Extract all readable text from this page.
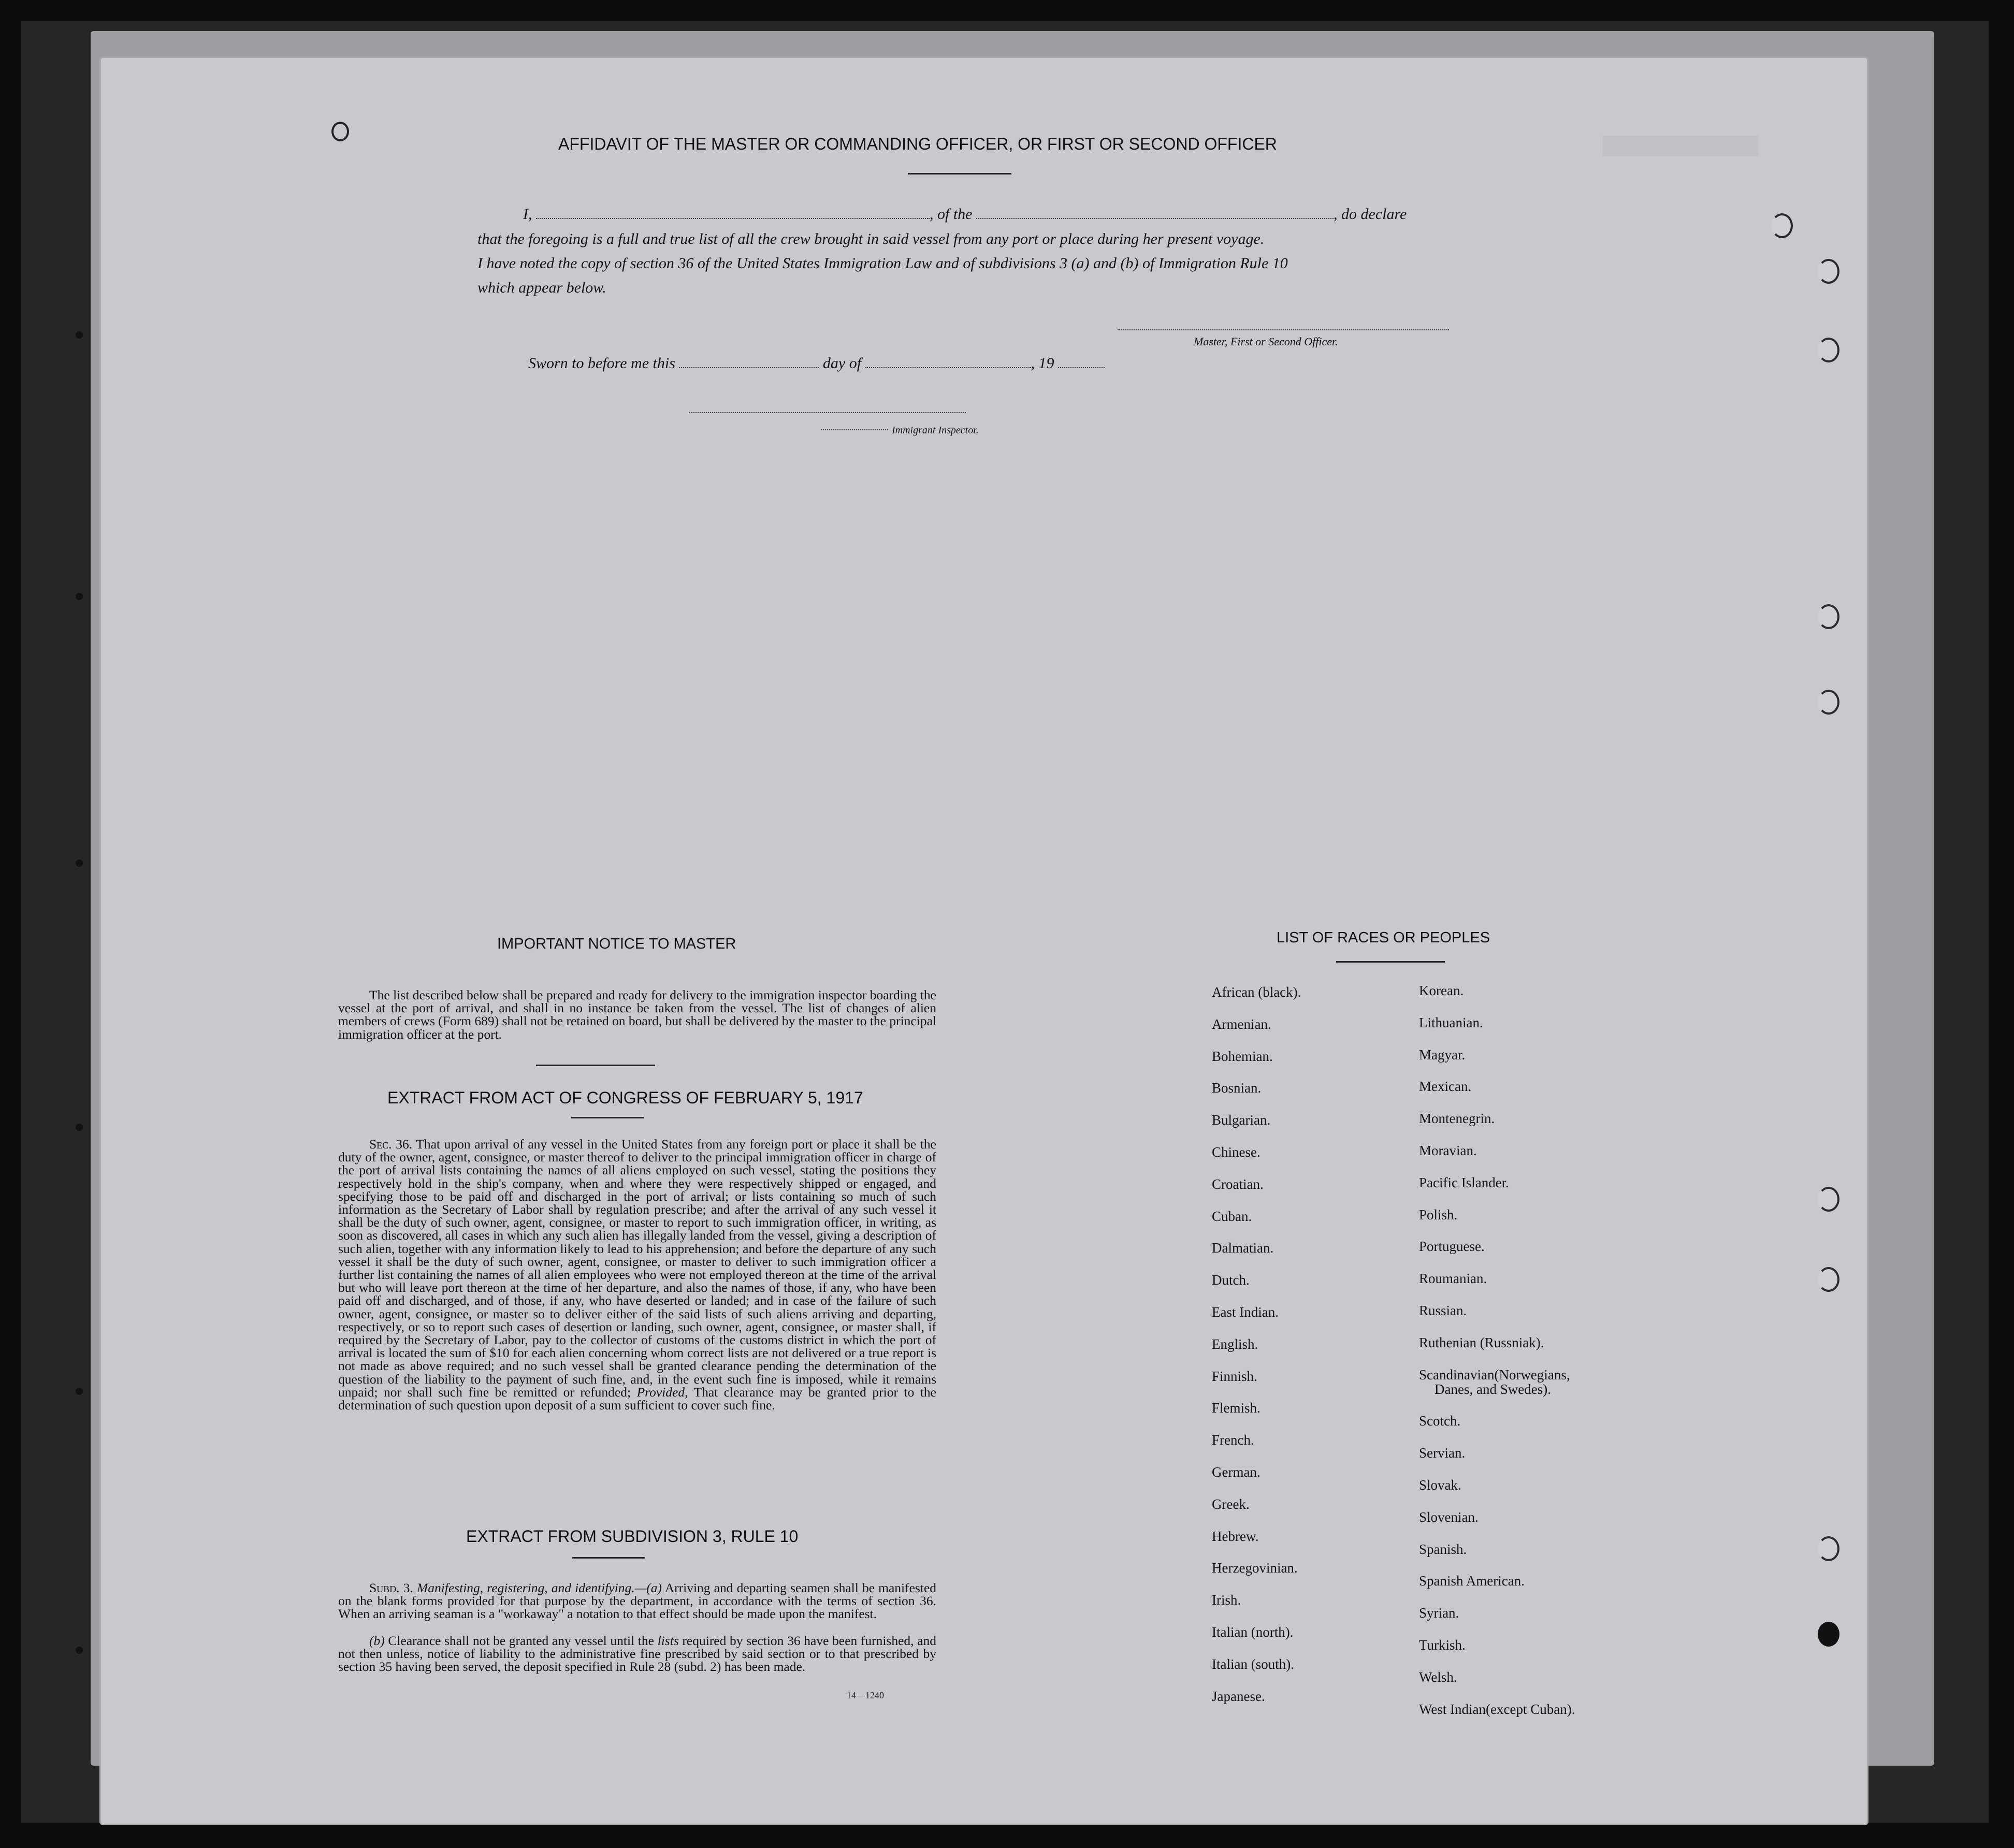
AFFIDAVIT OF THE MASTER OR COMMANDING OFFICER, OR FIRST OR SECOND OFFICER
I,	, of the	, do declare
that the foregoing is a full and true list of all the crew brought in said vessel from any port or place during her present voyage.
I have noted the copy of section 36 of the United States Immigration Law and of subdivisions 3 (a) and (b) of Immigration Rule 10
which appear below.
Master, First or Second Officer.
Sworn to before me this	day of	, 19
Immigrant Inspector.
IMPORTANT NOTICE TO MASTER
The list described below shall be prepared and ready for delivery to the immigration inspector boarding the vessel at the port of arrival, and shall in no instance be taken from the vessel. The list of changes of alien members of crews (Form 689) shall not be retained on board, but shall be delivered by the master to the principal immigration officer at the port.
EXTRACT FROM ACT OF CONGRESS OF FEBRUARY 5, 1917
Sec. 36. That upon arrival of any vessel in the United States from any foreign port or place it shall be the duty of the owner, agent, consignee, or master thereof to deliver to the principal immigration officer in charge of the port of arrival lists containing the names of all aliens employed on such vessel, stating the positions they respectively hold in the ship's company, when and where they were respectively shipped or engaged, and specifying those to be paid off and discharged in the port of arrival; or lists containing so much of such information as the Secretary of Labor shall by regulation prescribe; and after the arrival of any such vessel it shall be the duty of such owner, agent, consignee, or master to report to such immigration officer, in writing, as soon as discovered, all cases in which any such alien has illegally landed from the vessel, giving a description of such alien, together with any information likely to lead to his apprehension; and before the departure of any such vessel it shall be the duty of such owner, agent, consignee, or master to deliver to such immigration officer a further list containing the names of all alien employees who were not employed thereon at the time of the arrival but who will leave port thereon at the time of her departure, and also the names of those, if any, who have been paid off and discharged, and of those, if any, who have deserted or landed; and in case of the failure of such owner, agent, consignee, or master so to deliver either of the said lists of such aliens arriving and departing, respectively, or so to report such cases of desertion or landing, such owner, agent, consignee, or master shall, if required by the Secretary of Labor, pay to the collector of customs of the customs district in which the port of arrival is located the sum of $10 for each alien concerning whom correct lists are not delivered or a true report is not made as above required; and no such vessel shall be granted clearance pending the determination of the question of the liability to the payment of such fine, and, in the event such fine is imposed, while it remains unpaid; nor shall such fine be remitted or refunded; Provided, That clearance may be granted prior to the determination of such question upon deposit of a sum sufficient to cover such fine.
EXTRACT FROM SUBDIVISION 3, RULE 10
Subd. 3. Manifesting, registering, and identifying.—(a) Arriving and departing seamen shall be manifested on the blank forms provided for that purpose by the department, in accordance with the terms of section 36. When an arriving seaman is a "workaway" a notation to that effect should be made upon the manifest.
(b) Clearance shall not be granted any vessel until the lists required by section 36 have been furnished, and not then unless, notice of liability to the administrative fine prescribed by said section or to that prescribed by section 35 having been served, the deposit specified in Rule 28 (subd. 2) has been made.
14—1240
LIST OF RACES OR PEOPLES
African (black).
Armenian.
Bohemian.
Bosnian.
Bulgarian.
Chinese.
Croatian.
Cuban.
Dalmatian.
Dutch.
East Indian.
English.
Finnish.
Flemish.
French.
German.
Greek.
Hebrew.
Herzegovinian.
Irish.
Italian (north).
Italian (south).
Japanese.
Korean.
Lithuanian.
Magyar.
Mexican.
Montenegrin.
Moravian.
Pacific Islander.
Polish.
Portuguese.
Roumanian.
Russian.
Ruthenian (Russniak).
Scandinavian(Norwegians,
Danes, and Swedes).
Scotch.
Servian.
Slovak.
Slovenian.
Spanish.
Spanish American.
Syrian.
Turkish.
Welsh.
West Indian(except Cuban).
